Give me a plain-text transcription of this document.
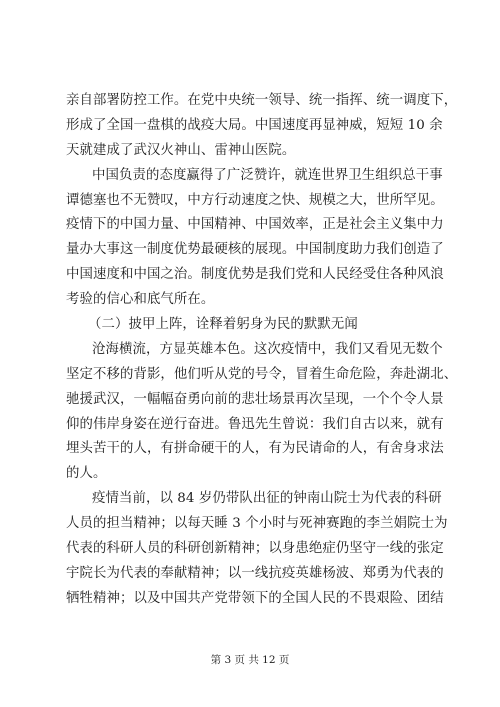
亲自部署防控工作。在党中央统一领导、统一指挥、统一调度下，
形成了全国一盘棋的战疫大局。中国速度再显神威，短短 10 余
天就建成了武汉火神山、雷神山医院。
中国负责的态度赢得了广泛赞许，就连世界卫生组织总干事
谭德塞也不无赞叹，中方行动速度之快、规模之大，世所罕见。
疫情下的中国力量、中国精神、中国效率，正是社会主义集中力
量办大事这一制度优势最硬核的展现。中国制度助力我们创造了
中国速度和中国之治。制度优势是我们党和人民经受住各种风浪
考验的信心和底气所在。
（二）披甲上阵，诠释着躬身为民的默默无闻
沧海横流，方显英雄本色。这次疫情中，我们又看见无数个
坚定不移的背影，他们听从党的号令，冒着生命危险，奔赴湖北、
驰援武汉，一幅幅奋勇向前的悲壮场景再次呈现，一个个令人景
仰的伟岸身姿在逆行奋进。鲁迅先生曾说：我们自古以来，就有
埋头苦干的人，有拼命硬干的人，有为民请命的人，有舍身求法
的人。
疫情当前，以 84 岁仍带队出征的钟南山院士为代表的科研
人员的担当精神；以每天睡 3 个小时与死神赛跑的李兰娟院士为
代表的科研人员的科研创新精神；以身患绝症仍坚守一线的张定
宇院长为代表的奉献精神；以一线抗疫英雄杨波、郑勇为代表的
牺牲精神；以及中国共产党带领下的全国人民的不畏艰险、团结
第 3 页 共 12 页
